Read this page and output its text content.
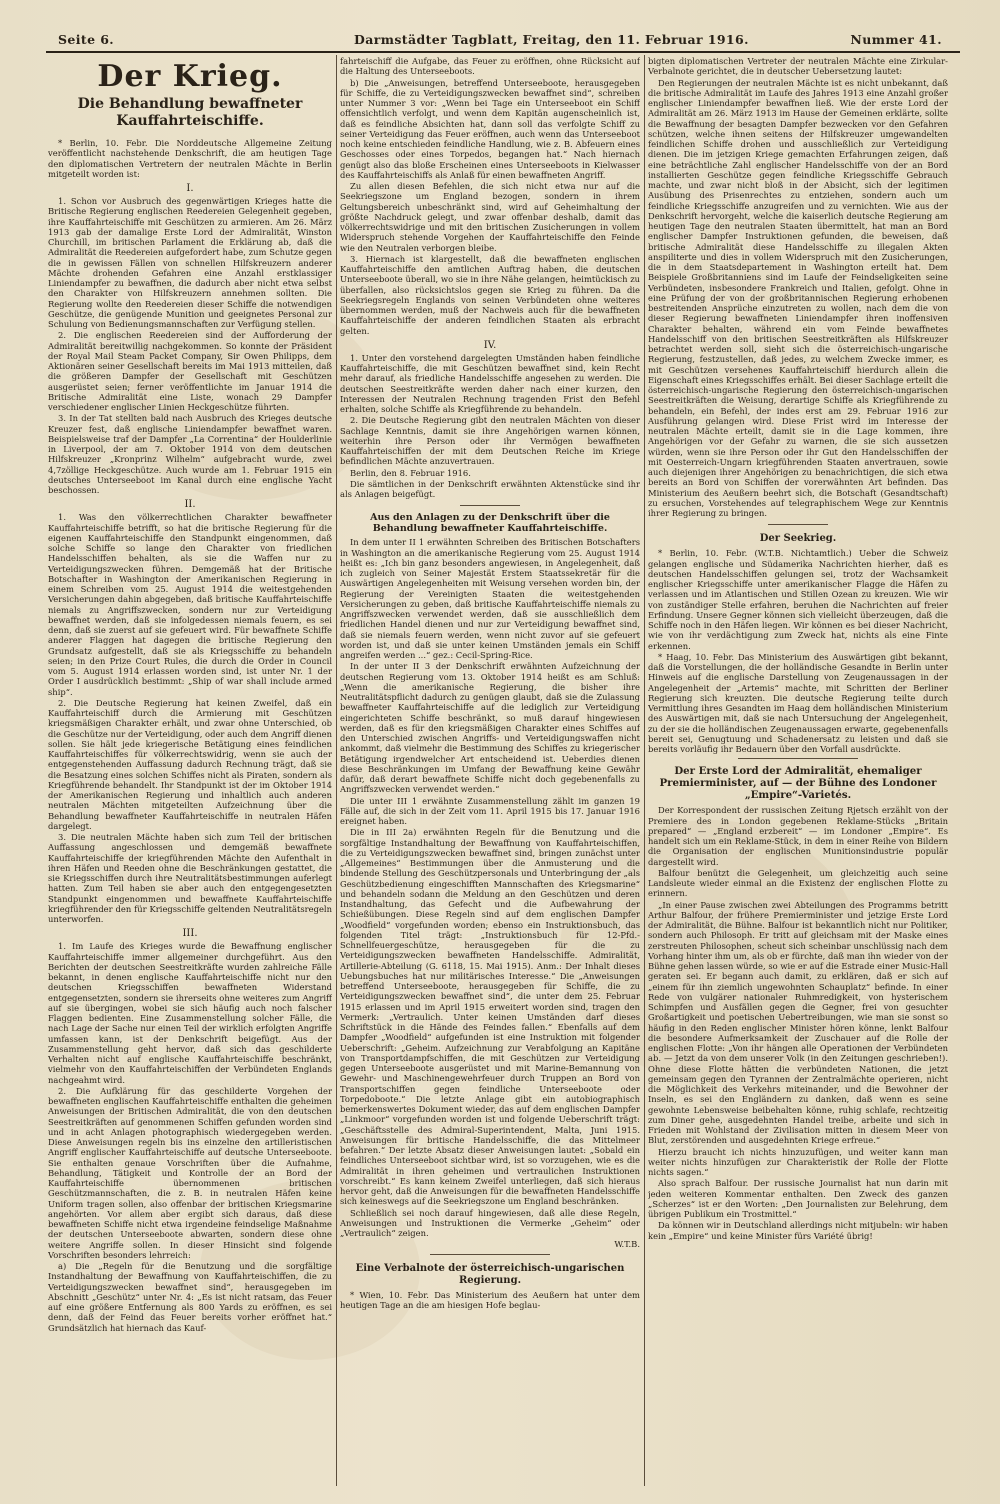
Seite 6.	Darmstädter Tagblatt, Freitag, den 11. Februar 1916.	Nummer 41.
Der Krieg.
Die Behandlung bewaffneter Kauffahrteischiffe.

* Berlin, 10. Febr. Die Norddeutsche Allgemeine Zeitung veröffentlicht nachstehende Denkschrift, die am heutigen Tage den diplomatischen Vertretern der neutralen Mächte in Berlin mitgeteilt worden ist:

I.

1. Schon vor Ausbruch des gegenwärtigen Krieges hatte die Britische Regierung englischen Reedereien Gelegenheit gegeben, ihre Kauffahrteischiffe mit Geschützen zu armieren. Am 26. März 1913 gab der damalige Erste Lord der Admiralität, Winston Churchill, im britischen Parlament die Erklärung ab, daß die Admiralität die Reedereien aufgefordert habe, zum Schutze gegen die in gewissen Fällen von schnellen Hilfskreuzern anderer Mächte drohenden Gefahren eine Anzahl erstklassiger Liniendampfer zu bewaffnen, die dadurch aber nicht etwa selbst den Charakter von Hilfskreuzern annehmen sollten. Die Regierung wollte den Reedereien dieser Schiffe die notwendigen Geschütze, die genügende Munition und geeignetes Personal zur Schulung von Bedienungsmannschaften zur Verfügung stellen.

2. Die englischen Reedereien sind der Aufforderung der Admiralität bereitwillig nachgekommen. So konnte der Präsident der Royal Mail Steam Packet Company, Sir Owen Philipps, dem Aktionären seiner Gesellschaft bereits im Mai 1913 mitteilen, daß die größeren Dampfer der Gesellschaft mit Geschützen ausgerüstet seien; ferner veröffentlichte im Januar 1914 die Britische Admiralität eine Liste, wonach 29 Dampfer verschiedener englischer Linien Heckgeschütze führten.

3. In der Tat stellten bald nach Ausbruch des Krieges deutsche Kreuzer fest, daß englische Liniendampfer bewaffnet waren. Beispielsweise traf der Dampfer „La Correntina“ der Houlderlinie in Liverpool, der am 7. Oktober 1914 von dem deutschen Hilfskreuzer „Kronprinz Wilhelm“ aufgebracht wurde, zwei 4,7zöllige Heckgeschütze. Auch wurde am 1. Februar 1915 ein deutsches Unterseeboot im Kanal durch eine englische Yacht beschossen.

II.

1. Was den völkerrechtlichen Charakter bewaffneter Kauffahrteischiffe betrifft, so hat die britische Regierung für die eigenen Kauffahrteischiffe den Standpunkt eingenommen, daß solche Schiffe so lange den Charakter von friedlichen Handelsschiffen behalten, als sie die Waffen nur zu Verteidigungszwecken führen. Demgemäß hat der Britische Botschafter in Washington der Amerikanischen Regierung in einem Schreiben vom 25. August 1914 die weitestgehenden Versicherungen dahin abgegeben, daß britische Kauffahrteischiffe niemals zu Angriffszwecken, sondern nur zur Verteidigung bewaffnet werden, daß sie infolgedessen niemals feuern, es sei denn, daß sie zuerst auf sie gefeuert wird. Für bewaffnete Schiffe anderer Flaggen hat dagegen die britische Regierung den Grundsatz aufgestellt, daß sie als Kriegsschiffe zu behandeln seien; in den Prize Court Rules, die durch die Order in Council vom 5. August 1914 erlassen worden sind, ist unter Nr. 1 der Order I ausdrücklich bestimmt: „Ship of war shall include armed ship“.

2. Die Deutsche Regierung hat keinen Zweifel, daß ein Kauffahrteischiff durch die Armierung mit Geschützen kriegsmäßigen Charakter erhält, und zwar ohne Unterschied, ob die Geschütze nur der Verteidigung, oder auch dem Angriff dienen sollen. Sie hält jede kriegerische Betätigung eines feindlichen Kauffahrteischiffes für völkerrechtswidrig, wenn sie auch der entgegenstehenden Auffassung dadurch Rechnung trägt, daß sie die Besatzung eines solchen Schiffes nicht als Piraten, sondern als Kriegführende behandelt. Ihr Standpunkt ist der im Oktober 1914 der Amerikanischen Regierung und inhaltlich auch anderen neutralen Mächten mitgeteilten Aufzeichnung über die Behandlung bewaffneter Kauffahrteischiffe in neutralen Häfen dargelegt.

3. Die neutralen Mächte haben sich zum Teil der britischen Auffassung angeschlossen und demgemäß bewaffnete Kauffahrteischiffe der kriegführenden Mächte den Aufenthalt in ihren Häfen und Reeden ohne die Beschränkungen gestattet, die sie Kriegsschiffen durch ihre Neutralitätsbestimmungen auferlegt hatten. Zum Teil haben sie aber auch den entgegengesetzten Standpunkt eingenommen und bewaffnete Kauffahrteischiffe kriegführender den für Kriegsschiffe geltenden Neutralitätsregeln unterworfen.

III.

1. Im Laufe des Krieges wurde die Bewaffnung englischer Kauffahrteischiffe immer allgemeiner durchgeführt. Aus den Berichten der deutschen Seestreitkräfte wurden zahlreiche Fälle bekannt, in denen englische Kauffahrteischiffe nicht nur den deutschen Kriegsschiffen bewaffneten Widerstand entgegensetzten, sondern sie ihrerseits ohne weiteres zum Angriff auf sie übergingen, wobei sie sich häufig auch noch falscher Flaggen bedienten. Eine Zusammenstellung solcher Fälle, die nach Lage der Sache nur einen Teil der wirklich erfolgten Angriffe umfassen kann, ist der Denkschrift beigefügt. Aus der Zusammenstellung geht hervor, daß sich das geschilderte Verhalten nicht auf englische Kauffahrteischiffe beschränkt, vielmehr von den Kauffahrteischiffen der Verbündeten Englands nachgeahmt wird.

2. Die Aufklärung für das geschilderte Vorgehen der bewaffneten englischen Kauffahrteischiffe enthalten die geheimen Anweisungen der Britischen Admiralität, die von den deutschen Seestreitkräften auf genommenen Schiffen gefunden worden sind und in acht Anlagen photographisch wiedergegeben werden. Diese Anweisungen regeln bis ins einzelne den artilleristischen Angriff englischer Kauffahrteischiffe auf deutsche Unterseeboote. Sie enthalten genaue Vorschriften über die Aufnahme, Behandlung, Tätigkeit und Kontrolle der an Bord der Kauffahrteischiffe übernommenen britischen Geschützmannschaften, die z. B. in neutralen Häfen keine Uniform tragen sollen, also offenbar der britischen Kriegsmarine angehörten. Vor allem aber ergibt sich daraus, daß diese bewaffneten Schiffe nicht etwa irgendeine feindselige Maßnahme der deutschen Unterseeboote abwarten, sondern diese ohne weitere Angriffe sollen. In dieser Hinsicht sind folgende Vorschriften besonders lehrreich:

a) Die „Regeln für die Benutzung und die sorgfältige Instandhaltung der Bewaffnung von Kauffahrteischiffen, die zu Verteidigungszwecken bewaffnet sind“, herausgegeben im Abschnitt „Geschütz“ unter Nr. 4: „Es ist nicht ratsam, das Feuer auf eine größere Entfernung als 800 Yards zu eröffnen, es sei denn, daß der Feind das Feuer bereits vorher eröffnet hat.“ Grundsätzlich hat hiernach das Kauf-

fahrteischiff die Aufgabe, das Feuer zu eröffnen, ohne Rücksicht auf die Haltung des Unterseeboots.

b) Die „Anweisungen, betreffend Unterseeboote, herausgegeben für Schiffe, die zu Verteidigungszwecken bewaffnet sind“, schreiben unter Nummer 3 vor: „Wenn bei Tage ein Unterseeboot ein Schiff offensichtlich verfolgt, und wenn dem Kapitän augenscheinlich ist, daß es feindliche Absichten hat, dann soll das verfolgte Schiff zu seiner Verteidigung das Feuer eröffnen, auch wenn das Unterseeboot noch keine entschieden feindliche Handlung, wie z. B. Abfeuern eines Geschosses oder eines Torpedos, begangen hat.“ Nach hiernach genügt also das bloße Erscheinen eines Unterseeboots in Kielwasser des Kauffahrteischiffs als Anlaß für einen bewaffneten Angriff.

Zu allen diesen Befehlen, die sich nicht etwa nur auf die Seekriegszone um England bezogen, sondern in ihrem Geltungsbereich unbeschränkt sind, wird auf Geheimhaltung der größte Nachdruck gelegt, und zwar offenbar deshalb, damit das völkerrechtswidrige und mit den britischen Zusicherungen in vollem Widerspruch stehende Vorgehen der Kauffahrteischiffe den Feinde wie den Neutralen verborgen bleibe.

3. Hiernach ist klargestellt, daß die bewaffneten englischen Kauffahrteischiffe den amtlichen Auftrag haben, die deutschen Unterseeboote überall, wo sie in ihre Nähe gelangen, heimtückisch zu überfallen, also rücksichtslos gegen sie Krieg zu führen. Da die Seekriegsregeln Englands von seinen Verbündeten ohne weiteres übernommen werden, muß der Nachweis auch für die bewaffneten Kauffahrteischiffe der anderen feindlichen Staaten als erbracht gelten.

IV.

1. Unter den vorstehend dargelegten Umständen haben feindliche Kauffahrteischiffe, die mit Geschützen bewaffnet sind, kein Recht mehr darauf, als friedliche Handelsschiffe angesehen zu werden. Die deutschen Seestreitkräfte werden daher nach einer kurzen, den Interessen der Neutralen Rechnung tragenden Frist den Befehl erhalten, solche Schiffe als Kriegführende zu behandeln.

2. Die Deutsche Regierung gibt den neutralen Mächten von dieser Sachlage Kenntnis, damit sie ihre Angehörigen warnen können, weiterhin ihre Person oder ihr Vermögen bewaffneten Kauffahrteischiffen der mit dem Deutschen Reiche im Kriege befindlichen Mächte anzuvertrauen.

Berlin, den 8. Februar 1916.

Die sämtlichen in der Denkschrift erwähnten Aktenstücke sind ihr als Anlagen beigefügt.

Aus den Anlagen zu der Denkschrift über die Behandlung bewaffneter Kauffahrteischiffe.

In dem unter II 1 erwähnten Schreiben des Britischen Botschafters in Washington an die amerikanische Regierung vom 25. August 1914 heißt es: „Ich bin ganz besonders angewiesen, in Angelegenheit, daß ich zugleich von Seiner Majestät Erstem Staatssekretär für die Auswärtigen Angelegenheiten mit Weisung versehen worden bin, der Regierung der Vereinigten Staaten die weitestgehenden Versicherungen zu geben, daß britische Kauffahrteischiffe niemals zu Angriffszwecken verwendet werden, daß sie ausschließlich dem friedlichen Handel dienen und nur zur Verteidigung bewaffnet sind, daß sie niemals feuern werden, wenn nicht zuvor auf sie gefeuert worden ist, und daß sie unter keinen Umständen jemals ein Schiff angreifen werden ...“ gez.: Cecil-Spring-Rice.

In der unter II 3 der Denkschrift erwähnten Aufzeichnung der deutschen Regierung vom 13. Oktober 1914 heißt es am Schluß: „Wenn die amerikanische Regierung, die bisher ihre Neutralitätspflicht dadurch zu genügen glaubt, daß sie die Zulassung bewaffneter Kauffahrteischiffe auf die lediglich zur Verteidigung eingerichteten Schiffe beschränkt, so muß darauf hingewiesen werden, daß es für den kriegsmäßigen Charakter eines Schiffes auf den Unterschied zwischen Angriffs- und Verteidigungswaffen nicht ankommt, daß vielmehr die Bestimmung des Schiffes zu kriegerischer Betätigung irgendwelcher Art entscheidend ist. Ueberdies dienen diese Beschränkungen im Umfang der Bewaffnung keine Gewähr dafür, daß derart bewaffnete Schiffe nicht doch gegebenenfalls zu Angriffszwecken verwendet werden.“

Die unter III 1 erwähnte Zusammenstellung zählt im ganzen 19 Fälle auf, die sich in der Zeit vom 11. April 1915 bis 17. Januar 1916 ereignet haben.

Die in III 2a) erwähnten Regeln für die Benutzung und die sorgfältige Instandhaltung der Bewaffnung von Kauffahrteischiffen, die zu Verteidigungszwecken bewaffnet sind, bringen zunächst unter „Allgemeines“ Bestimmungen über die Anmusterung und die bindende Stellung des Geschützpersonals und Unterbringung der „als Geschützbedienung eingeschifften Mannschaften des Kriegsmarine“ und behandeln sodann die Meldung an den Geschützen und deren Instandhaltung, das Gefecht und die Aufbewahrung der Schießübungen. Diese Regeln sind auf dem englischen Dampfer „Woodfield“ vorgefunden worden; ebenso ein Instruktionsbuch, das folgenden Titel trägt: „Instruktionsbuch für 12-Pfd.-Schnellfeuergeschütze, herausgegeben für die zu Verteidigungszwecken bewaffneten Handelsschiffe. Admiralität, Artillerie-Abteilung (G. 6118, 15. Mai 1915). Anm.: Der Inhalt dieses Uebungsbuches hat nur militärisches Interesse.“ Die „Anweisungen betreffend Unterseeboote, herausgegeben für Schiffe, die zu Verteidigungszwecken bewaffnet sind“, die unter dem 25. Februar 1915 erlassen und im April 1915 erweitert worden sind, tragen den Vermerk: „Vertraulich. Unter keinen Umständen darf dieses Schriftstück in die Hände des Feindes fallen.“ Ebenfalls auf dem Dampfer „Woodfield“ aufgefunden ist eine Instruktion mit folgender Ueberschrift: „Geheim. Aufzeichnung zur Verabfolgung an Kapitäne von Transportdampfschiffen, die mit Geschützen zur Verteidigung gegen Unterseeboote ausgerüstet und mit Marine-Bemannung von Gewehr- und Maschinengewehrfeuer durch Truppen an Bord von Transportschiffen gegen feindliche Unterseeboote oder Torpedoboote.“ Die letzte Anlage gibt ein autobiographisch bemerkenswertes Dokument wieder, das auf dem englischen Dampfer „Linkmoor“ vorgefunden worden ist und folgende Ueberschrift trägt: „Geschäftsstelle des Admiral-Superintendent, Malta, Juni 1915. Anweisungen für britische Handelsschiffe, die das Mittelmeer befahren.“ Der letzte Absatz dieser Anweisungen lautet: „Sobald ein feindliches Unterseeboot sichtbar wird, ist so vorzugehen, wie es die Admiralität in ihren geheimen und vertraulichen Instruktionen vorschreibt.“ Es kann keinem Zweifel unterliegen, daß sich hieraus hervor geht, daß die Anweisungen für die bewaffneten Handelsschiffe sich keineswegs auf die Seekriegszone um England beschränken.

Schließlich sei noch darauf hingewiesen, daß alle diese Regeln, Anweisungen und Instruktionen die Vermerke „Geheim“ oder „Vertraulich“ zeigen.

W.T.B.

Eine Verbalnote der österreichisch-ungarischen Regierung.

* Wien, 10. Febr. Das Ministerium des Aeußern hat unter dem heutigen Tage an die am hiesigen Hofe beglau-

bigten diplomatischen Vertreter der neutralen Mächte eine Zirkular-Verbalnote gerichtet, die in deutscher Uebersetzung lautet:

Den Regierungen der neutralen Mächte ist es nicht unbekannt, daß die britische Admiralität im Laufe des Jahres 1913 eine Anzahl großer englischer Liniendampfer bewaffnen ließ. Wie der erste Lord der Admiralität am 26. März 1913 im Hause der Gemeinen erklärte, sollte die Bewaffnung der besagten Dampfer bezwecken vor den Gefahren schützen, welche ihnen seitens der Hilfskreuzer umgewandelten feindlichen Schiffe drohen und ausschließlich zur Verteidigung dienen. Die im jetzigen Kriege gemachten Erfahrungen zeigen, daß eine beträchtliche Zahl englischer Handelsschiffe von der an Bord installierten Geschütze gegen feindliche Kriegsschiffe Gebrauch machte, und zwar nicht bloß in der Absicht, sich der legitimen Ausübung des Prisenrechtes zu entziehen, sondern auch um feindliche Kriegsschiffe anzugreifen und zu vernichten. Wie aus der Denkschrift hervorgeht, welche die kaiserlich deutsche Regierung am heutigen Tage den neutralen Staaten übermittelt, hat man an Bord englischer Dampfer Instruktionen gefunden, die beweisen, daß britische Admiralität diese Handelsschiffe zu illegalen Akten anspiliterte und dies in vollem Widerspruch mit den Zusicherungen, die in dem Staatsdepartement in Washington erteilt hat. Dem Beispiele Großbritanniens sind im Laufe der Feindseligkeiten seine Verbündeten, insbesondere Frankreich und Italien, gefolgt. Ohne in eine Prüfung der von der großbritannischen Regierung erhobenen bestreitenden Ansprüche einzutreten zu wollen, nach dem die von dieser Regierung bewaffneten Liniendampfer ihren inoffensiven Charakter behalten, während ein vom Feinde bewaffnetes Handelsschiff von den britischen Seestreitkräften als Hilfskreuzer betrachtet werden soll, sieht sich die österreichisch-ungarische Regierung, festzustellen, daß jedes, zu welchem Zwecke immer, es mit Geschützen versehenes Kauffahrteischiff hierdurch allein die Eigenschaft eines Kriegsschiffes erhält. Bei dieser Sachlage erteilt die österreichisch-ungarische Regierung den österreichisch-ungarischen Seestreitkräften die Weisung, derartige Schiffe als Kriegführende zu behandeln, ein Befehl, der indes erst am 29. Februar 1916 zur Ausführung gelangen wird. Diese Frist wird im Interesse der neutralen Mächte erteilt, damit sie in die Lage kommen, ihre Angehörigen vor der Gefahr zu warnen, die sie sich aussetzen würden, wenn sie ihre Person oder ihr Gut den Handelsschiffen der mit Oesterreich-Ungarn kriegführenden Staaten anvertrauen, sowie auch diejenigen ihrer Angehörigen zu benachrichtigen, die sich etwa bereits an Bord von Schiffen der vorerwähnten Art befinden. Das Ministerium des Aeußern beehrt sich, die Botschaft (Gesandtschaft) zu ersuchen, Vorstehendes auf telegraphischem Wege zur Kenntnis ihrer Regierung zu bringen.

Der Seekrieg.

* Berlin, 10. Febr. (W.T.B. Nichtamtlich.) Ueber die Schweiz gelangen englische und Südamerika Nachrichten hierher, daß es deutschen Handelsschiffen gelungen sei, trotz der Wachsamkeit englischer Kriegsschiffe unter amerikanischer Flagge die Häfen zu verlassen und im Atlantischen und Stillen Ozean zu kreuzen. Wie wir von zuständiger Stelle erfahren, beruhen die Nachrichten auf freier Erfindung. Unsere Gegner können sich vielleicht überzeugen, daß die Schiffe noch in den Häfen liegen. Wir können es bei dieser Nachricht, wie von ihr verdächtigung zum Zweck hat, nichts als eine Finte erkennen.

* Haag, 10. Febr. Das Ministerium des Auswärtigen gibt bekannt, daß die Vorstellungen, die der holländische Gesandte in Berlin unter Hinweis auf die englische Darstellung von Zeugenaussagen in der Angelegenheit der „Artemis“ machte, mit Schritten der Berliner Regierung sich kreuzten. Die deutsche Regierung teilte durch Vermittlung ihres Gesandten im Haag dem holländischen Ministerium des Auswärtigen mit, daß sie nach Untersuchung der Angelegenheit, zu der sie die holländischen Zeugenaussagen erwarte, gegebenenfalls bereit sei, Genugtuung und Schadenersatz zu leisten und daß sie bereits vorläufig ihr Bedauern über den Vorfall ausdrückte.

Der Erste Lord der Admiralität, ehemaliger Premierminister, auf — der Bühne des Londoner „Empire“-Varietés.

Der Korrespondent der russischen Zeitung Rjetsch erzählt von der Premiere des in London gegebenen Reklame-Stücks „Britain prepared“ — „England erzbereit“ — im Londoner „Empire“. Es handelt sich um ein Reklame-Stück, in dem in einer Reihe von Bildern die Organisation der englischen Munitionsindustrie populär dargestellt wird.

Balfour benützt die Gelegenheit, um gleichzeitig auch seine Landsleute wieder einmal an die Existenz der englischen Flotte zu erinnern.

„In einer Pause zwischen zwei Abteilungen des Programms betritt Arthur Balfour, der frühere Premierminister und jetzige Erste Lord der Admiralität, die Bühne. Balfour ist bekanntlich nicht nur Politiker, sondern auch Philosoph. Er tritt auf gleichsam mit der Maske eines zerstreuten Philosophen, scheut sich scheinbar unschlüssig nach dem Vorhang hinter ihm um, als ob er fürchte, daß man ihn wieder von der Bühne gehen lassen würde, so wie er auf die Estrade einer Music-Hall geraten sei. Er begann auch damit, zu erklären, daß er sich auf „einem für ihn ziemlich ungewohnten Schauplatz“ befinde. In einer Rede von vulgärer nationaler Ruhmredigkeit, von hysterischem Schimpfen und Ausfällen gegen die Gegner, frei von gesuchter Großartigkeit und poetischen Uebertreibungen, wie man sie sonst so häufig in den Reden englischer Minister hören könne, lenkt Balfour die besondere Aufmerksamkeit der Zuschauer auf die Rolle der englischen Flotte: „Von ihr hängen alle Operationen der Verbündeten ab. — Jetzt da von dem unserer Volk (in den Zeitungen geschrieben!). Ohne diese Flotte hätten die verbündeten Nationen, die jetzt gemeinsam gegen den Tyrannen der Zentralmächte operieren, nicht die Möglichkeit des Verkehrs miteinander, und die Bewohner der Inseln, es sei den Engländern zu danken, daß wenn es seine gewohnte Lebensweise beibehalten könne, ruhig schlafe, rechtzeitig zum Diner gehe, ausgedehnten Handel treibe, arbeite und sich in Frieden mit Wohlstand der Zivilisation mitten in diesem Meer von Blut, zerstörenden und ausgedehnten Kriege erfreue.“

Hierzu braucht ich nichts hinzuzufügen, und weiter kann man weiter nichts hinzufügen zur Charakteristik der Rolle der Flotte nichts sagen.“

Also sprach Balfour. Der russische Journalist hat nun darin mit jeden weiteren Kommentar enthalten. Den Zweck des ganzen „Scherzes“ ist er den Worten: „Den Journalisten zur Belehrung, dem übrigen Publikum ein Trostmittel.“

Da können wir in Deutschland allerdings nicht mitjubeln: wir haben kein „Empire“ und keine Minister fürs Variété übrig!
